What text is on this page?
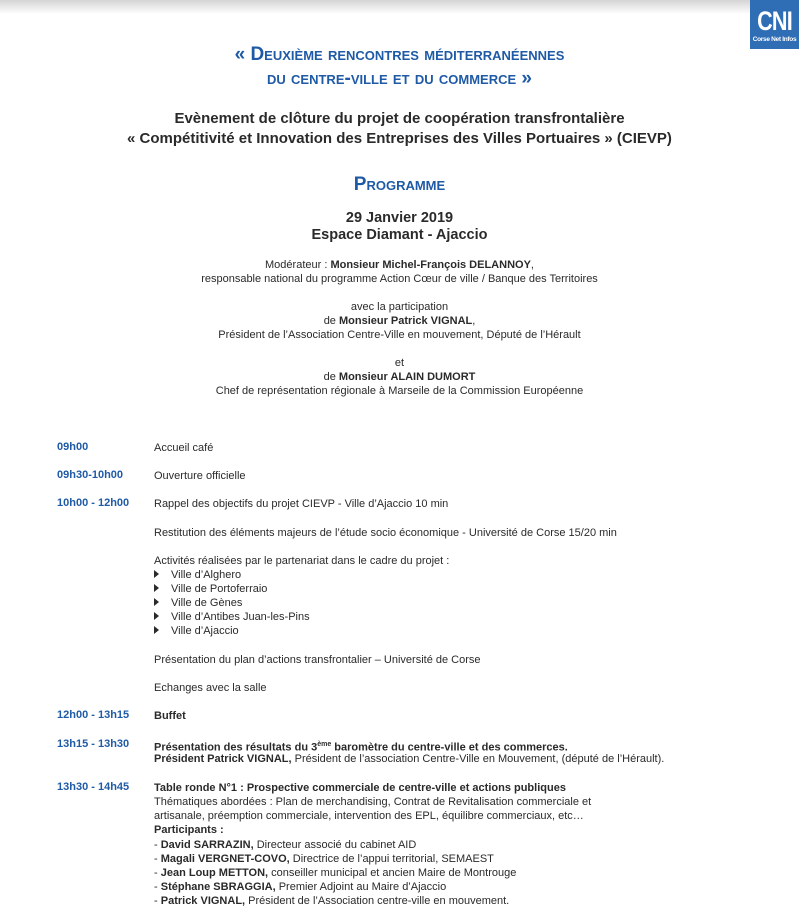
CNI
Corse Net Infos
« Deuxième rencontres méditerranéennes
du centre-ville et du commerce »
Evènement de clôture du projet de coopération transfrontalière
« Compétitivité et Innovation des Entreprises des Villes Portuaires » (CIEVP)
Programme
29 Janvier 2019
Espace Diamant - Ajaccio
Modérateur : Monsieur Michel-François DELANNOY,
responsable national du programme Action Cœur de ville / Banque des Territoires
avec la participation
de Monsieur Patrick VIGNAL,
Président de l’Association Centre-Ville en mouvement, Député de l’Hérault
et
de Monsieur ALAIN DUMORT
Chef de représentation régionale à Marseile de la Commission Européenne
09h00	Accueil café
09h30-10h00	Ouverture officielle
10h00 - 12h00 Rappel des objectifs du projet CIEVP - Ville d’Ajaccio 10 min
Restitution des éléments majeurs de l’étude socio économique - Université de Corse 15/20 min
Activités réalisées par le partenariat dans le cadre du projet :
Ville d’Alghero
Ville de Portoferraio
Ville de Gènes
Ville d’Antibes Juan-les-Pins
Ville d’Ajaccio
Présentation du plan d’actions transfrontalier – Université de Corse
Echanges avec la salle
12h00 - 13h15 Buffet
13h15 - 13h30 Présentation des résultats du 3ème baromètre du centre-ville et des commerces.
Président Patrick VIGNAL, Président de l’association Centre-Ville en Mouvement, (député de l’Hérault).
13h30 - 14h45 Table ronde N°1 : Prospective commerciale de centre-ville et actions publiques
Thématiques abordées : Plan de merchandising, Contrat de Revitalisation commerciale et
artisanale, préemption commerciale, intervention des EPL, équilibre commerciaux, etc…
Participants :
- David SARRAZIN, Directeur associé du cabinet AID
- Magali VERGNET-COVO, Directrice de l’appui territorial, SEMAEST
- Jean Loup METTON, conseiller municipal et ancien Maire de Montrouge
- Stéphane SBRAGGIA, Premier Adjoint au Maire d’Ajaccio
- Patrick VIGNAL, Président de l’Association centre-ville en mouvement.
